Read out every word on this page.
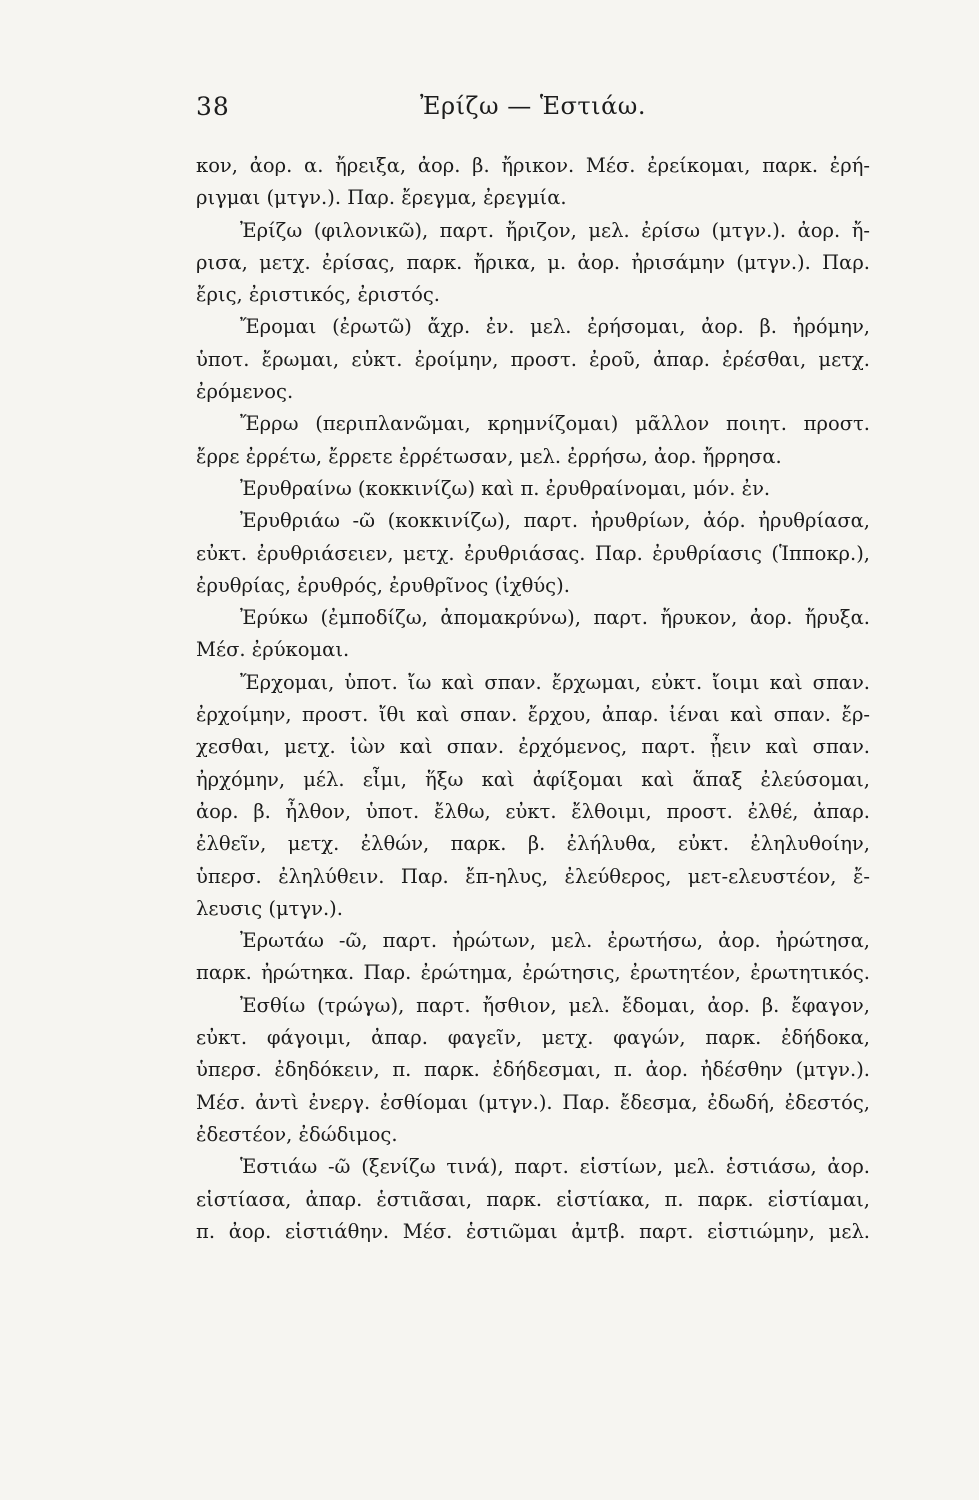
38	Ἐρίζω — Ἑστιάω.
κον, ἀορ. α. ἤρειξα, ἀορ. β. ἤρικον. Μέσ. ἐρείκομαι, παρκ. ἐρή-
ριγμαι (μτγν.). Παρ. ἔρεγμα, ἐρεγμία.
Ἐρίζω (φιλονικῶ), παρτ. ἤριζον, μελ. ἐρίσω (μτγν.). ἀορ. ἤ-
ρισα, μετχ. ἐρίσας, παρκ. ἤρικα, μ. ἀορ. ἠρισάμην (μτγν.). Παρ.
ἔρις, ἐριστικός, ἐριστός.
Ἔρομαι (ἐρωτῶ) ἄχρ. ἐν. μελ. ἐρήσομαι, ἀορ. β. ἠρόμην,
ὑποτ. ἔρωμαι, εὐκτ. ἐροίμην, προστ. ἐροῦ, ἀπαρ. ἐρέσθαι, μετχ.
ἐρόμενος.
Ἔρρω (περιπλανῶμαι, κρημνίζομαι) μᾶλλον ποιητ. προστ.
ἔρρε ἐρρέτω, ἔρρετε ἐρρέτωσαν, μελ. ἐρρήσω, ἀορ. ἤρρησα.
Ἐρυθραίνω (κοκκινίζω) καὶ π. ἐρυθραίνομαι, μόν. ἐν.
Ἐρυθριάω -ῶ (κοκκινίζω), παρτ. ἠρυθρίων, ἀόρ. ἠρυθρίασα,
εὐκτ. ἐρυθριάσειεν, μετχ. ἐρυθριάσας. Παρ. ἐρυθρίασις (Ἱπποκρ.),
ἐρυθρίας, ἐρυθρός, ἐρυθρῖνος (ἰχθύς).
Ἐρύκω (ἐμποδίζω, ἀπομακρύνω), παρτ. ἤρυκον, ἀορ. ἤρυξα.
Μέσ. ἐρύκομαι.
Ἔρχομαι, ὑποτ. ἴω καὶ σπαν. ἔρχωμαι, εὐκτ. ἴοιμι καὶ σπαν.
ἐρχοίμην, προστ. ἴθι καὶ σπαν. ἔρχου, ἀπαρ. ἰέναι καὶ σπαν. ἔρ-
χεσθαι, μετχ. ἰὼν καὶ σπαν. ἐρχόμενος, παρτ. ᾖειν καὶ σπαν.
ἠρχόμην, μέλ. εἶμι, ἥξω καὶ ἀφίξομαι καὶ ἅπαξ ἐλεύσομαι,
ἀορ. β. ἦλθον, ὑποτ. ἔλθω, εὐκτ. ἔλθοιμι, προστ. ἐλθέ, ἀπαρ.
ἐλθεῖν, μετχ. ἐλθών, παρκ. β. ἐλήλυθα, εὐκτ. ἐληλυθοίην,
ὑπερσ. ἐληλύθειν. Παρ. ἔπ-ηλυς, ἐλεύθερος, μετ-ελευστέον, ἔ-
λευσις (μτγν.).
Ἐρωτάω -ῶ, παρτ. ἠρώτων, μελ. ἐρωτήσω, ἀορ. ἠρώτησα,
παρκ. ἠρώτηκα. Παρ. ἐρώτημα, ἐρώτησις, ἐρωτητέον, ἐρωτητικός.
Ἐσθίω (τρώγω), παρτ. ἤσθιον, μελ. ἔδομαι, ἀορ. β. ἔφαγον,
εὐκτ. φάγοιμι, ἀπαρ. φαγεῖν, μετχ. φαγών, παρκ. ἐδήδοκα,
ὑπερσ. ἐδηδόκειν, π. παρκ. ἐδήδεσμαι, π. ἀορ. ἠδέσθην (μτγν.).
Μέσ. ἀντὶ ἐνεργ. ἐσθίομαι (μτγν.). Παρ. ἔδεσμα, ἐδωδή, ἐδεστός,
ἐδεστέον, ἐδώδιμος.
Ἑστιάω -ῶ (ξενίζω τινά), παρτ. εἱστίων, μελ. ἑστιάσω, ἀορ.
εἱστίασα, ἀπαρ. ἑστιᾶσαι, παρκ. εἱστίακα, π. παρκ. εἱστίαμαι,
π. ἀορ. εἱστιάθην. Μέσ. ἑστιῶμαι ἀμτβ. παρτ. εἱστιώμην, μελ.
